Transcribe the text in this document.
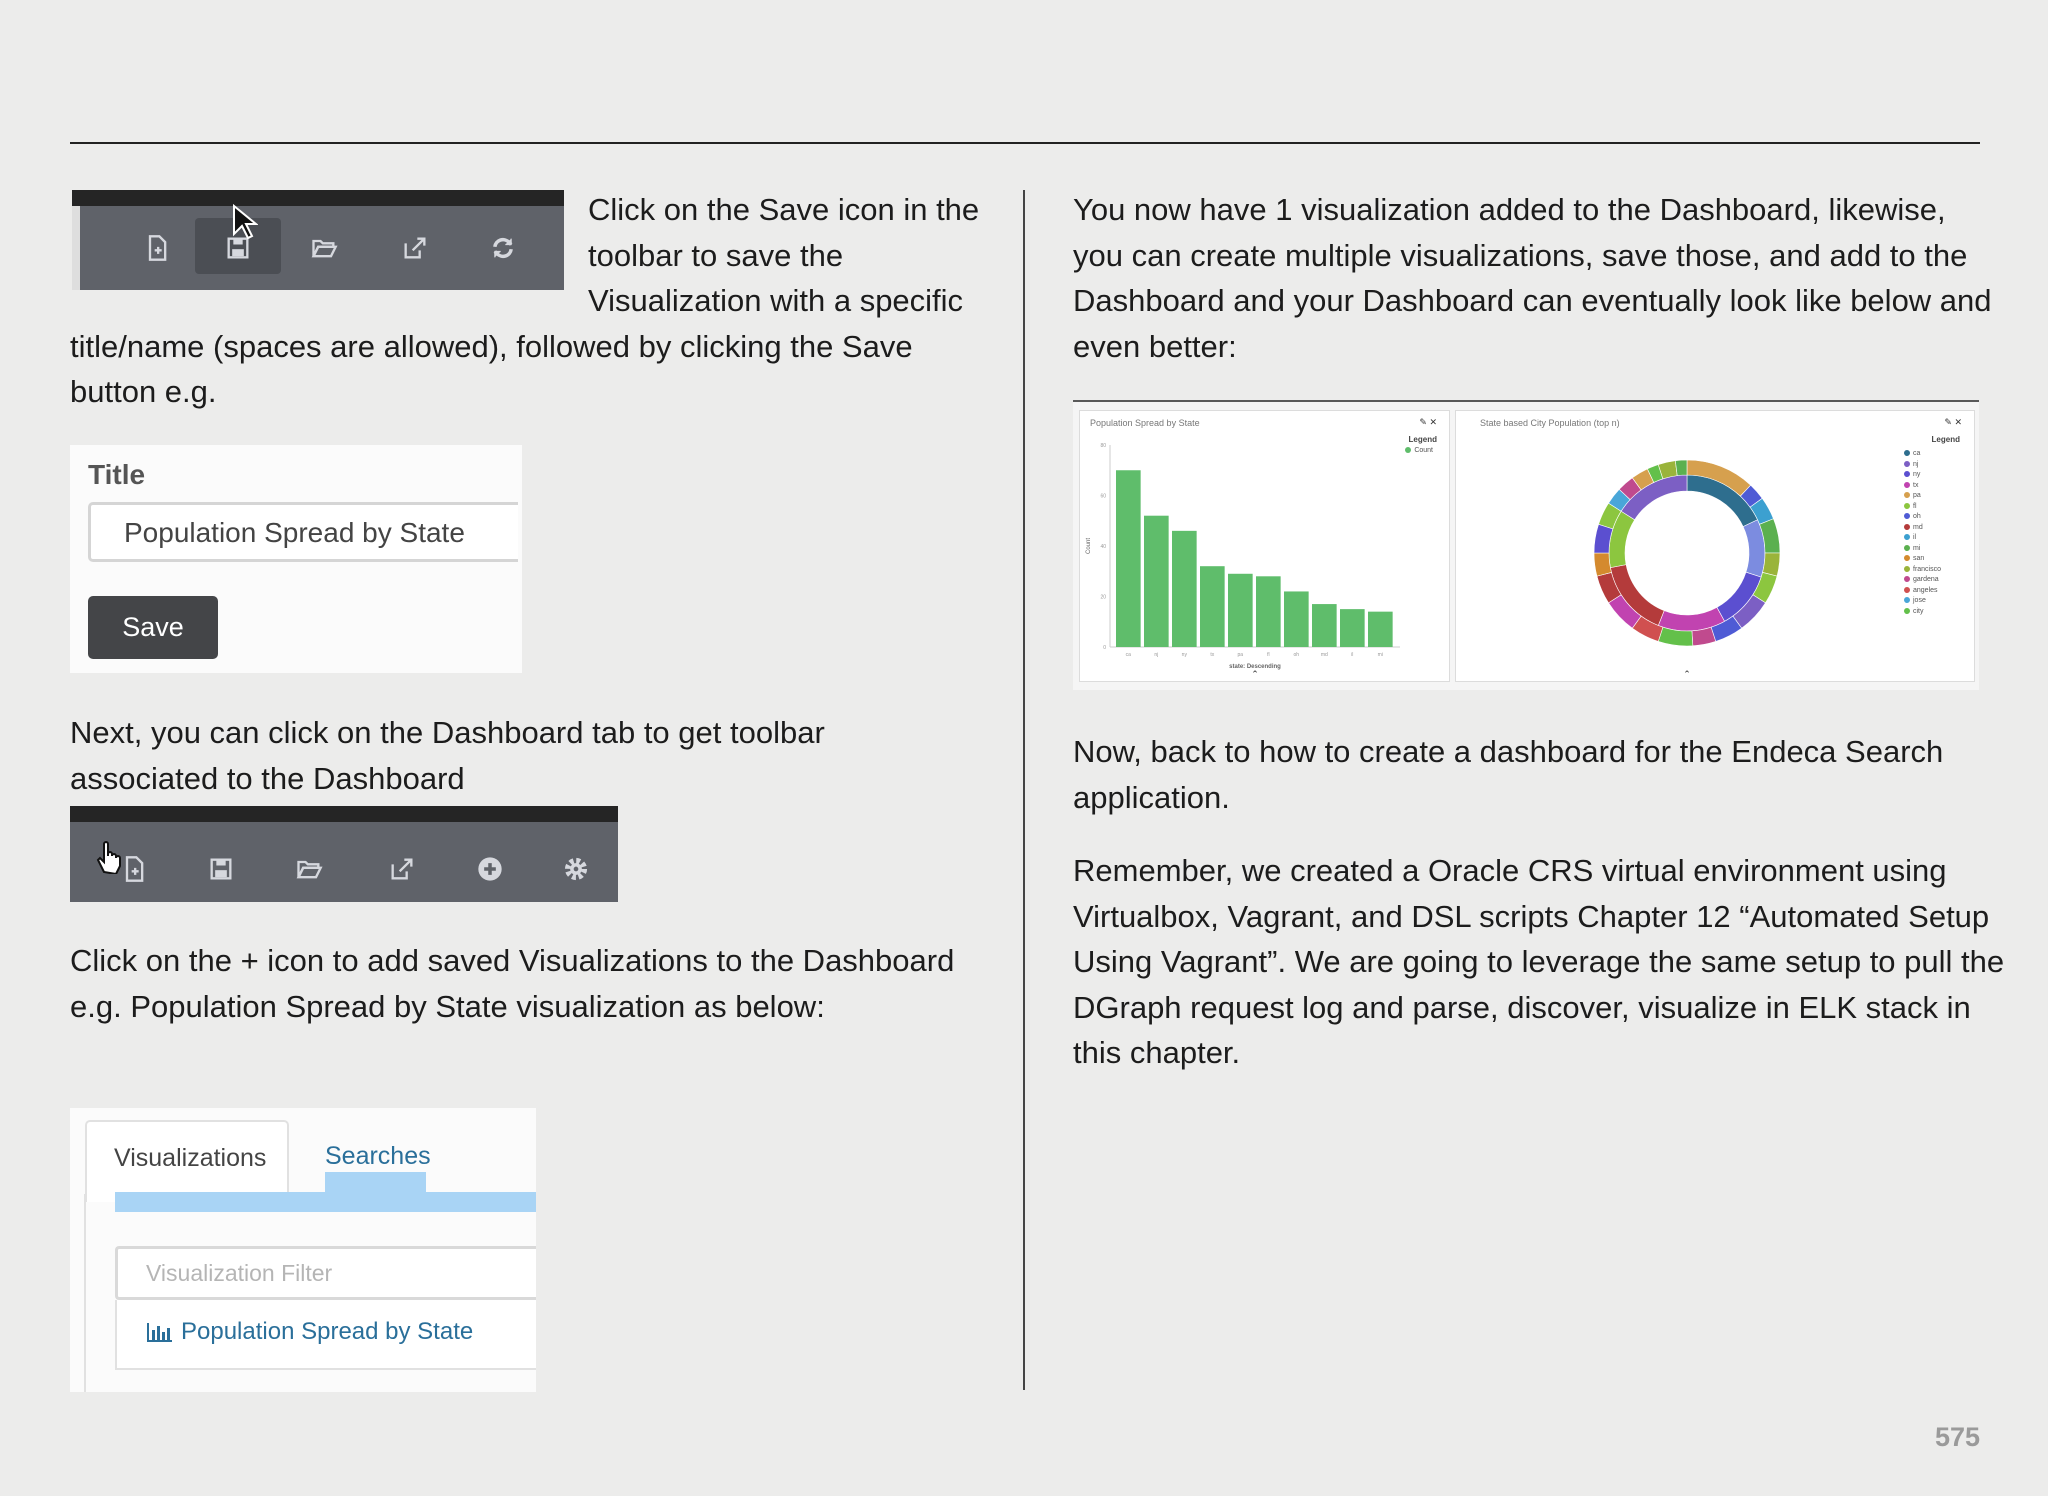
Click on the Save icon in the toolbar to save the Visualization with a specific title/name (spaces are allowed), followed by clicking the Save button e.g.
Title
Population Spread by State
Save

Next, you can click on the Dashboard tab to get toolbar associated to the Dashboard

Click on the + icon to add saved Visualizations to the Dashboard e.g. Population Spread by State visualization as below:

Visualizations Searches
Visualization Filter
Population Spread by State

You now have 1 visualization added to the Dashboard, likewise, you can create multiple visualizations, save those, and add to the Dashboard and your Dashboard can eventually look like below and even better:

Population Spread by State	✎ ✕
Legend
Count
0
20
40
60
80
ca	nj	ny	tx	pa	fl	oh	md	il	mi
state: Descending
Count
⌃
State based City Population (top n)	✎ ✕
Legend
ca
nj
ny
tx
pa
fl
oh
md
il
mi
san
francisco
gardena
angeles
jose
city
⌃

Now, back to how to create a dashboard for the Endeca Search application.

Remember, we created a Oracle CRS virtual environment using Virtualbox, Vagrant, and DSL scripts Chapter 12 “Automated Setup Using Vagrant”. We are going to leverage the same setup to pull the DGraph request log and parse, discover, visualize in ELK stack in this chapter.

575
